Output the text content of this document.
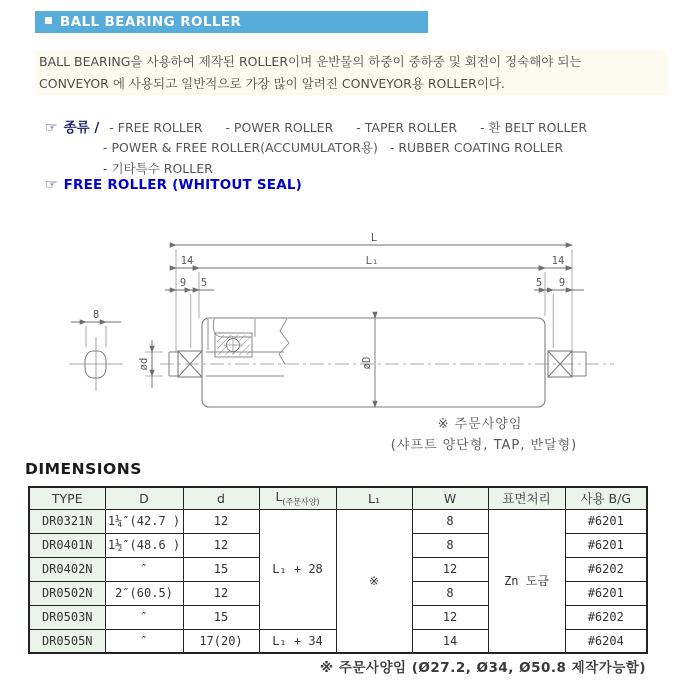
■ BALL BEARING ROLLER
BALL BEARING을 사용하여 제작된 ROLLER이며 운반물의 하중이 중하중 및 회전이 정숙해야 되는
CONVEYOR 에 사용되고 일반적으로 가장 많이 알려진 CONVEYOR용 ROLLER이다.
☞ 종류 / - FREE ROLLER - POWER ROLLER - TAPER ROLLER - 환 BELT ROLLER
- POWER & FREE ROLLER(ACCUMULATOR용) - RUBBER COATING ROLLER
- 기타특수 ROLLER
☞ FREE ROLLER (WHITOUT SEAL)
L
14	L₁	14
9 5	5 9
8
ød	øD
※ 주문사양임
(샤프트 양단형, TAP, 반달형)
DIMENSIONS
TYPE	D	d	$L_{(주문사양)}$	L₁	W	표면처리	사용 B/G
DR0321N	1¼″(42.7 )	12	L₁ + 28	※	8	Zn 도금	#6201
DR0401N	1½″(48.6 )	12			8		#6201
DR0402N	″	15			12		#6202
DR0502N	2″(60.5)	12			8		#6201
DR0503N	″	15			12		#6202
DR0505N	″	17(20)	L₁ + 34		14		#6204
※ 주문사양임 (Ø27.2, Ø34, Ø50.8 제작가능함)
